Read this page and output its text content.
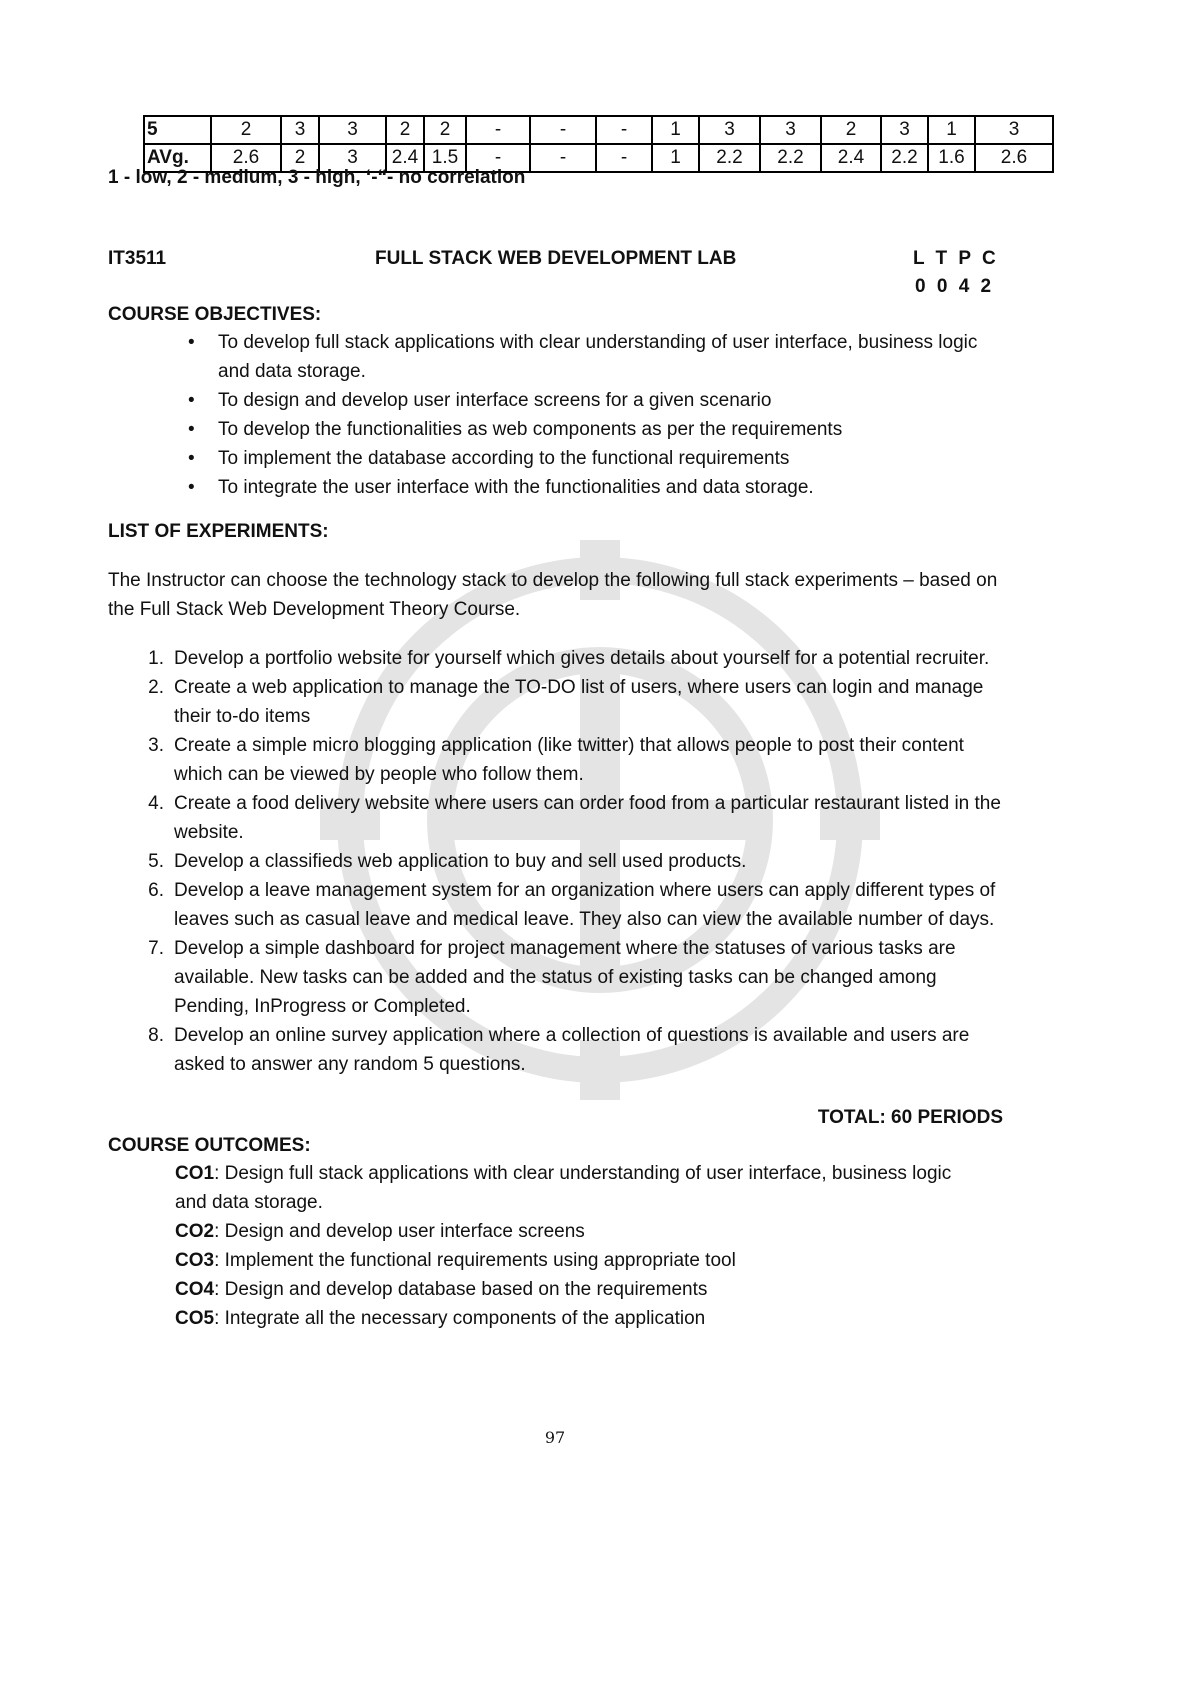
5	2	3	3	2	2	-	-	-	1	3	3	2	3	1	3
AVg.	2.6	2	3	2.4	1.5	-	-	-	1	2.2	2.2	2.4	2.2	1.6	2.6
1 - low, 2 - medium, 3 - high, ‘-“- no correlation
IT3511	FULL STACK WEB DEVELOPMENT LAB	L T P C
0 0 4 2
COURSE OBJECTIVES:
• To develop full stack applications with clear understanding of user interface, business logic and data storage.
• To design and develop user interface screens for a given scenario
• To develop the functionalities as web components as per the requirements
• To implement the database according to the functional requirements
• To integrate the user interface with the functionalities and data storage.
LIST OF EXPERIMENTS:
The Instructor can choose the technology stack to develop the following full stack experiments – based on the Full Stack Web Development Theory Course.
1. Develop a portfolio website for yourself which gives details about yourself for a potential recruiter.
2. Create a web application to manage the TO-DO list of users, where users can login and manage their to-do items
3. Create a simple micro blogging application (like twitter) that allows people to post their content which can be viewed by people who follow them.
4. Create a food delivery website where users can order food from a particular restaurant listed in the website.
5. Develop a classifieds web application to buy and sell used products.
6. Develop a leave management system for an organization where users can apply different types of leaves such as casual leave and medical leave. They also can view the available number of days.
7. Develop a simple dashboard for project management where the statuses of various tasks are available. New tasks can be added and the status of existing tasks can be changed among Pending, InProgress or Completed.
8. Develop an online survey application where a collection of questions is available and users are asked to answer any random 5 questions.
TOTAL: 60 PERIODS
COURSE OUTCOMES:
CO1: Design full stack applications with clear understanding of user interface, business logic and data storage.
CO2: Design and develop user interface screens
CO3: Implement the functional requirements using appropriate tool
CO4: Design and develop database based on the requirements
CO5: Integrate all the necessary components of the application
97
